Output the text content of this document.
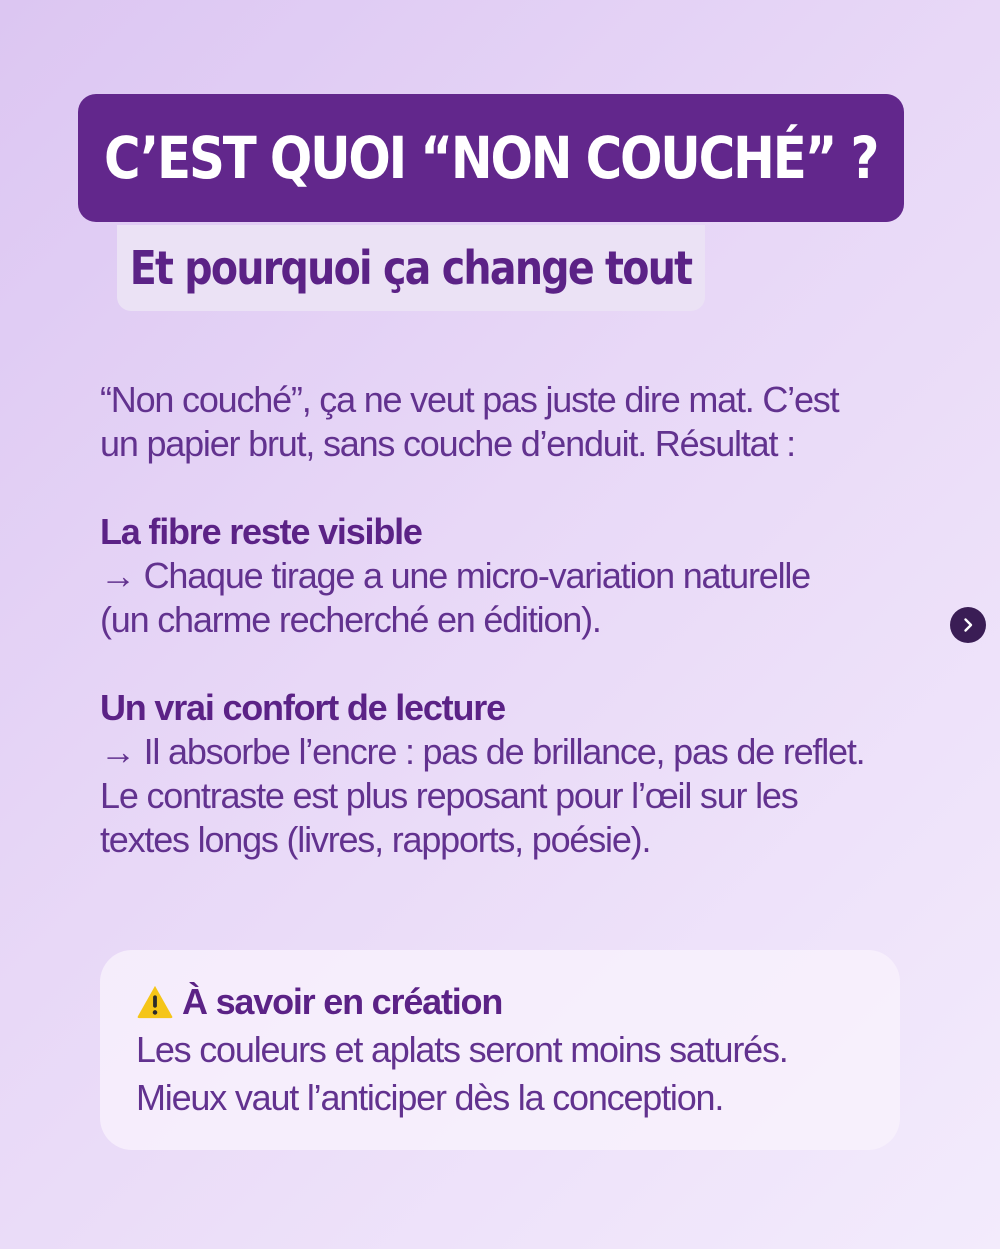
C’EST QUOI “NON COUCHÉ” ?
Et pourquoi ça change tout

“Non couché”, ça ne veut pas juste dire mat. C’est

un papier brut, sans couche d’enduit. Résultat :

La fibre reste visible

→ Chaque tirage a une micro-variation naturelle

(un charme recherché en édition).

Un vrai confort de lecture

→ Il absorbe l’encre : pas de brillance, pas de reflet.

Le contraste est plus reposant pour l’œil sur les

textes longs (livres, rapports, poésie).

À savoir en création

Les couleurs et aplats seront moins saturés.

Mieux vaut l’anticiper dès la conception.
